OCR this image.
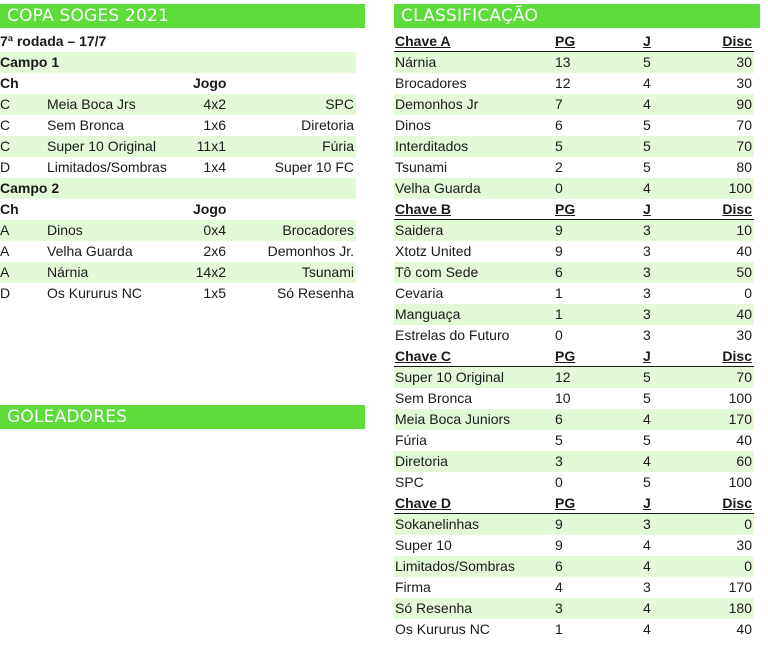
COPA SOGES 2021	CLASSIFICAÇÃO
GOLEADORES
7ª rodada – 17/7
Campo 1
Ch	Jogo
C	Meia Boca Jrs	4x2	SPC
C	Sem Bronca	1x6	Diretoria
C	Super 10 Original	11x1	Fúria
D	Limitados/Sombras	1x4	Super 10 FC
Campo 2
Ch	Jogo
A	Dinos	0x4	Brocadores
A	Velha Guarda	2x6	Demonhos Jr.
A	Nárnia	14x2	Tsunami
D	Os Kururus NC	1x5	Só Resenha
Chave A	PG	J	Disc
Nárnia	13	5	30
Brocadores	12	4	30
Demonhos Jr	7	4	90
Dinos	6	5	70
Interditados	5	5	70
Tsunami	2	5	80
Velha Guarda	0	4	100
Chave B	PG	J	Disc
Saidera	9	3	10
Xtotz United	9	3	40
Tô com Sede	6	3	50
Cevaria	1	3	0
Manguaça	1	3	40
Estrelas do Futuro	0	3	30
Chave C	PG	J	Disc
Super 10 Original	12	5	70
Sem Bronca	10	5	100
Meia Boca Juniors	6	4	170
Fúria	5	5	40
Diretoria	3	4	60
SPC	0	5	100
Chave D	PG	J	Disc
Sokanelinhas	9	3	0
Super 10	9	4	30
Limitados/Sombras	6	4	0
Firma	4	3	170
Só Resenha	3	4	180
Os Kururus NC	1	4	40
